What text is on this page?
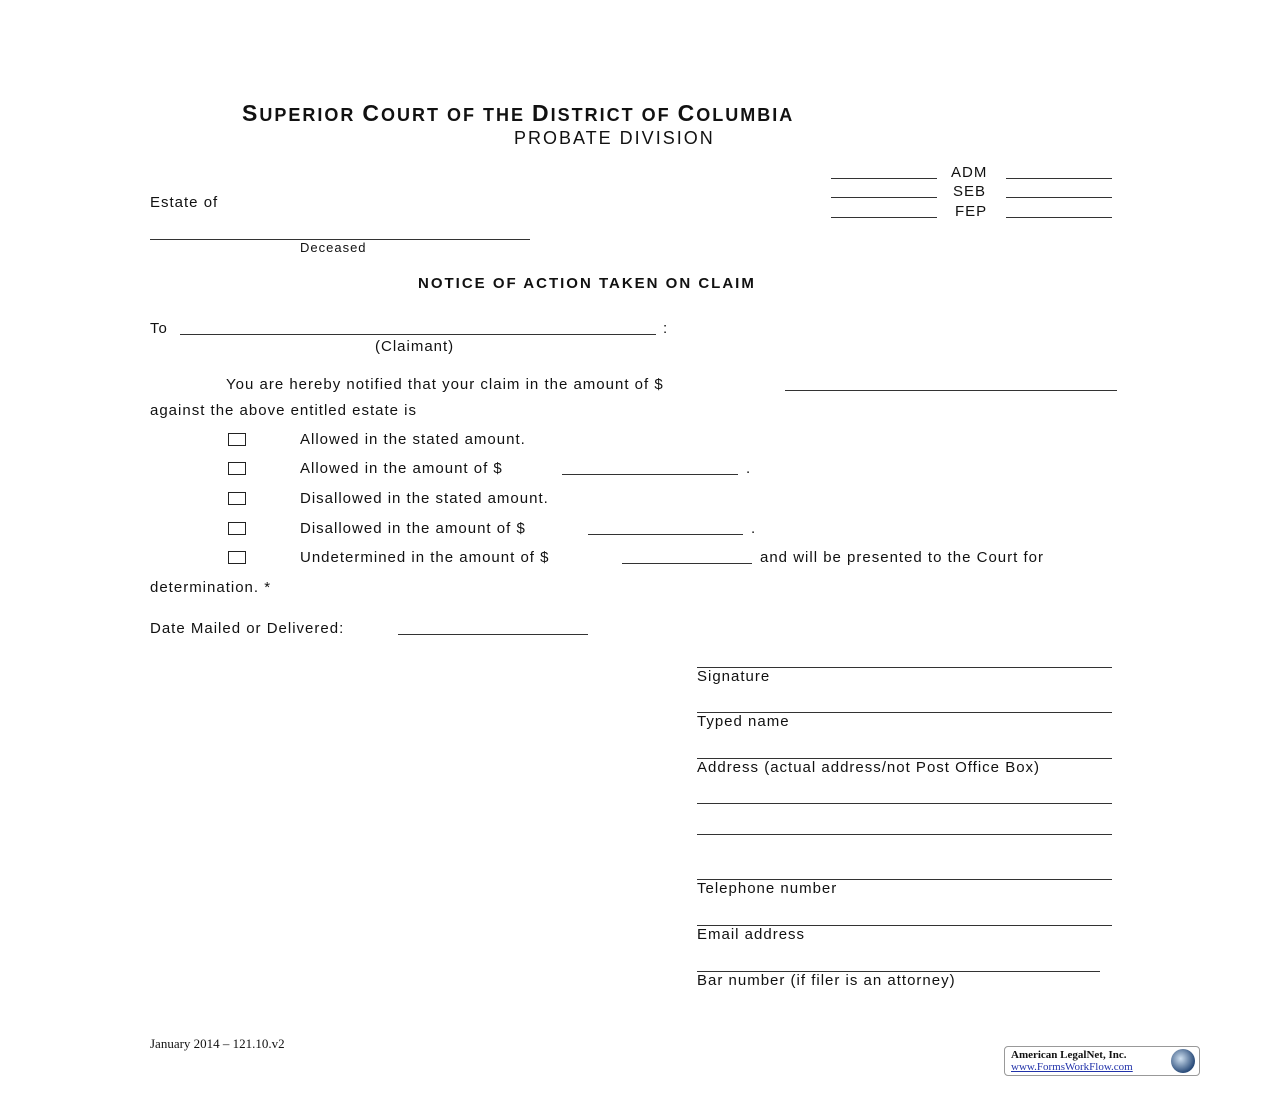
SUPERIOR COURT OF THE DISTRICT OF COLUMBIA
PROBATE DIVISION
ADM
SEB
FEP
Estate of
Deceased
NOTICE OF ACTION TAKEN ON CLAIM
To	:
(Claimant)
You are hereby notified that your claim in the amount of $
against the above entitled estate is
Allowed in the stated amount.
Allowed in the amount of $	.
Disallowed in the stated amount.
Disallowed in the amount of $	.
Undetermined in the amount of $	and will be presented to the Court for
determination. *
Date Mailed or Delivered:
Signature
Typed name
Address (actual address/not Post Office Box)
Telephone number
Email address
Bar number (if filer is an attorney)
January 2014 – 121.10.v2
American LegalNet, Inc.
www.FormsWorkFlow.com
